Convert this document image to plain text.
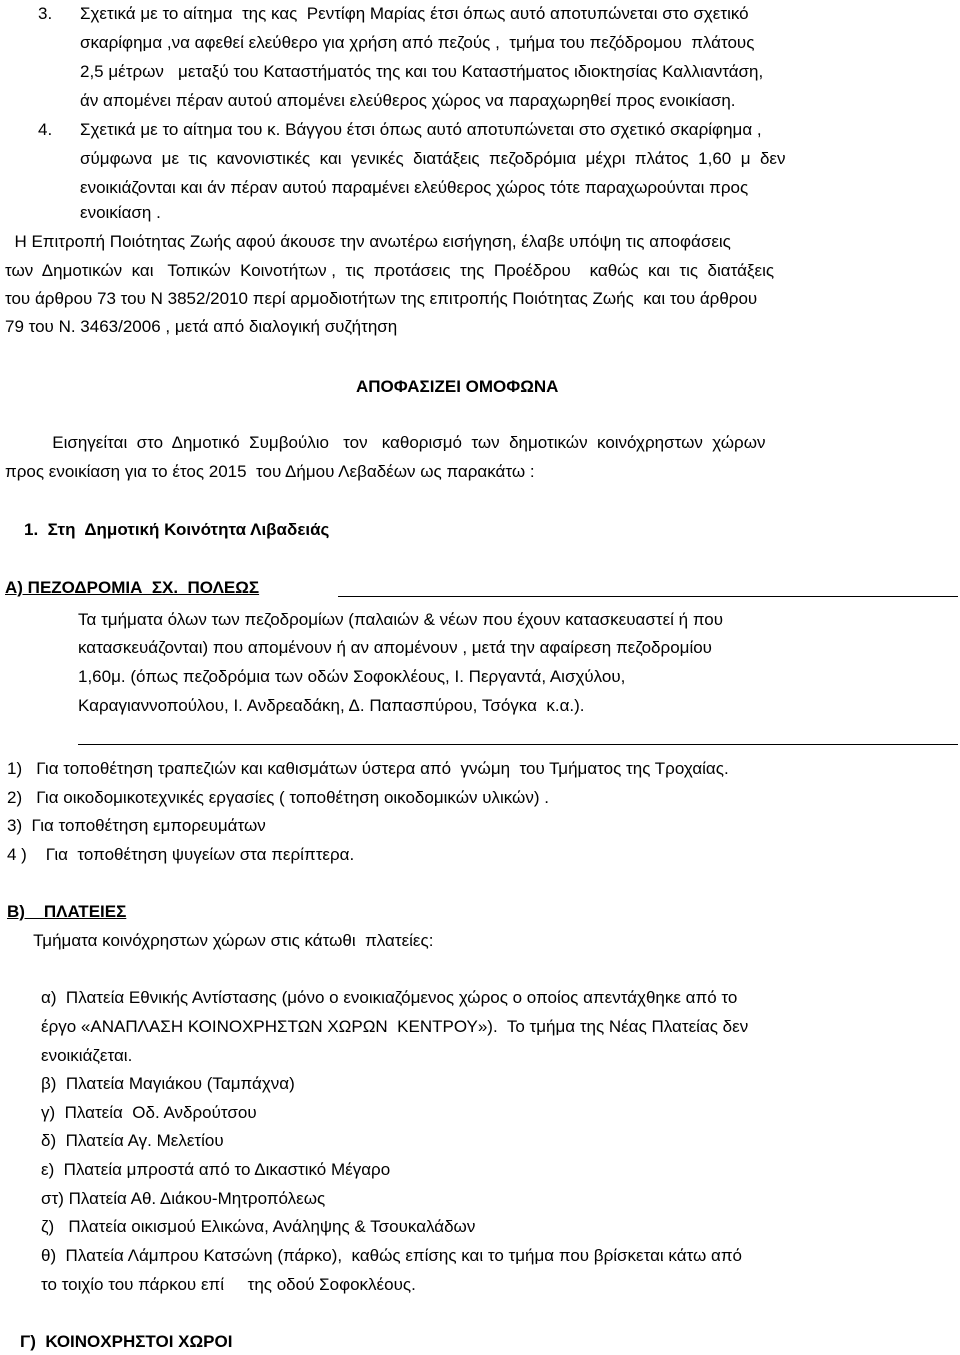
3. Σχετικά με το αίτημα  της κας  Ρεντίφη Μαρίας έτσι όπως αυτό αποτυπώνεται στο σχετικό
σκαρίφημα ,να αφεθεί ελεύθερο για χρήση από πεζούς ,  τμήμα του πεζόδρομου  πλάτους
2,5 μέτρων   μεταξύ του Καταστήματός της και του Καταστήματος ιδιοκτησίας Καλλιαντάση,
άν απομένει πέραν αυτού απομένει ελεύθερος χώρος να παραχωρηθεί προς ενοικίαση.
4. Σχετικά με το αίτημα του κ. Βάγγου έτσι όπως αυτό αποτυπώνεται στο σχετικό σκαρίφημα ,
σύμφωνα  με  τις  κανονιστικές  και  γενικές  διατάξεις  πεζοδρόμια  μέχρι  πλάτος  1,60  μ  δεν
ενοικιάζονται και άν πέραν αυτού παραμένει ελεύθερος χώρος τότε παραχωρούνται προς
ενοικίαση .
Η Επιτροπή Ποιότητας Ζωής αφού άκουσε την ανωτέρω εισήγηση, έλαβε υπόψη τις αποφάσεις
των  Δημοτικών  και   Τοπικών  Κοινοτήτων ,  τις  προτάσεις  της  Προέδρου    καθώς  και  τις  διατάξεις
του άρθρου 73 του Ν 3852/2010 περί αρμοδιοτήτων της επιτροπής Ποιότητας Ζωής  και του άρθρου
79 του Ν. 3463/2006 , μετά από διαλογική συζήτηση
ΑΠΟΦΑΣΙΖΕΙ ΟΜΟΦΩΝΑ
Εισηγείται  στο  Δημοτικό  Συμβούλιο   τον   καθορισμό  των  δημοτικών  κοινόχρηστων  χώρων
προς ενοικίαση για το έτος 2015  του Δήμου Λεβαδέων ως παρακάτω :
1.  Στη  Δημοτική Κοινότητα Λιβαδειάς
Α) ΠΕΖΟΔΡΟΜΙΑ  ΣΧ.  ΠΟΛΕΩΣ
Τα τμήματα όλων των πεζοδρομίων (παλαιών & νέων που έχουν κατασκευαστεί ή που
κατασκευάζονται) που απομένουν ή αν απομένουν , μετά την αφαίρεση πεζοδρομίου
1,60μ. (όπως πεζοδρόμια των οδών Σοφοκλέους, Ι. Περγαντά, Αισχύλου,
Καραγιαννοπούλου, Ι. Ανδρεαδάκη, Δ. Παπασπύρου, Τσόγκα  κ.α.).
1)   Για τοποθέτηση τραπεζιών και καθισμάτων ύστερα από  γνώμη  του Τμήματος της Τροχαίας.
2)   Για οικοδομικοτεχνικές εργασίες ( τοποθέτηση οικοδομικών υλικών) .
3)  Για τοποθέτηση εμπορευμάτων
4 )    Για  τοποθέτηση ψυγείων στα περίπτερα.
Β)    ΠΛΑΤΕΙΕΣ
Τμήματα κοινόχρηστων χώρων στις κάτωθι  πλατείες:
α)  Πλατεία Εθνικής Αντίστασης (μόνο ο ενοικιαζόμενος χώρος ο οποίος απεντάχθηκε από το
έργο «ΑΝΑΠΛΑΣΗ ΚΟΙΝΟΧΡΗΣΤΩΝ ΧΩΡΩΝ  ΚΕΝΤΡΟΥ»).  Το τμήμα της Νέας Πλατείας δεν
ενοικιάζεται.
β)  Πλατεία Μαγιάκου (Ταμπάχνα)
γ)  Πλατεία  Οδ. Ανδρούτσου
δ)  Πλατεία Αγ. Μελετίου
ε)  Πλατεία μπροστά από το Δικαστικό Μέγαρο
στ) Πλατεία Αθ. Διάκου-Μητροπόλεως
ζ)   Πλατεία οικισμού Ελικώνα, Ανάληψης & Τσουκαλάδων
θ)  Πλατεία Λάμπρου Κατσώνη (πάρκο),  καθώς επίσης και το τμήμα που βρίσκεται κάτω από
το τοιχίο του πάρκου επί     της οδού Σοφοκλέους.
Γ)  ΚΟΙΝΟΧΡΗΣΤΟΙ ΧΩΡΟΙ
